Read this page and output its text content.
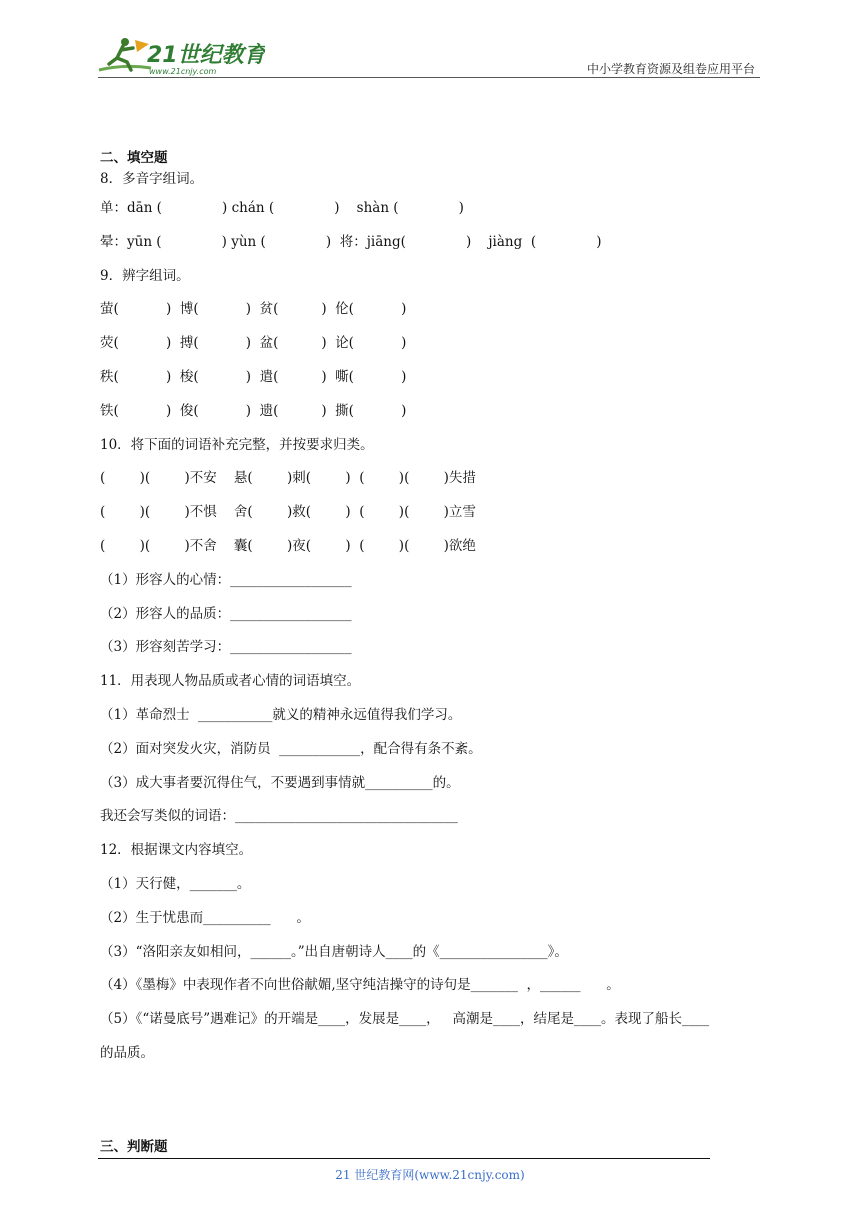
21世纪教育
www.21cnjy.com	中小学教育资源及组卷应用平台
二、填空题
8．多音字组词。
单：dān (              ) chán (              )    shàn (              )
晕：yūn (              ) yùn (              )  将：jiāng(              )    jiàng  (              )
9．辨字组词。
萤(           )  博(           )  贫(          )  伦(           )
荧(           )  搏(           )  盆(          )  论(           )
秩(           )  梭(           )  遣(          )  嘶(           )
铁(           )  俊(           )  遗(          )  撕(           )
10．将下面的词语补充完整，并按要求归类。
(        )(        )不安    悬(        )刺(        )  (        )(        )失措
(        )(        )不惧    舍(        )救(        )  (        )(        )立雪
(        )(        )不舍    囊(        )夜(        )  (        )(        )欲绝
（1）形容人的心情：__________________
（2）形容人的品质：__________________
（3）形容刻苦学习：__________________
11．用表现人物品质或者心情的词语填空。
（1）革命烈士  ___________就义的精神永远值得我们学习。
（2）面对突发火灾，消防员  ____________，配合得有条不紊。
（3）成大事者要沉得住气，不要遇到事情就__________的。
我还会写类似的词语：_________________________________
12．根据课文内容填空。
（1）天行健，_______。
（2）生于忧患而__________      。
（3）“洛阳亲友如相问，______。”出自唐朝诗人____的《________________》。
（4）《墨梅》中表现作者不向世俗献媚,坚守纯洁操守的诗句是_______  ，______      。
（5）《“诺曼底号”遇难记》的开端是____，发展是____，   高潮是____，结尾是____。表现了船长____
的品质。
三、判断题
21 世纪教育网(www.21cnjy.com)
